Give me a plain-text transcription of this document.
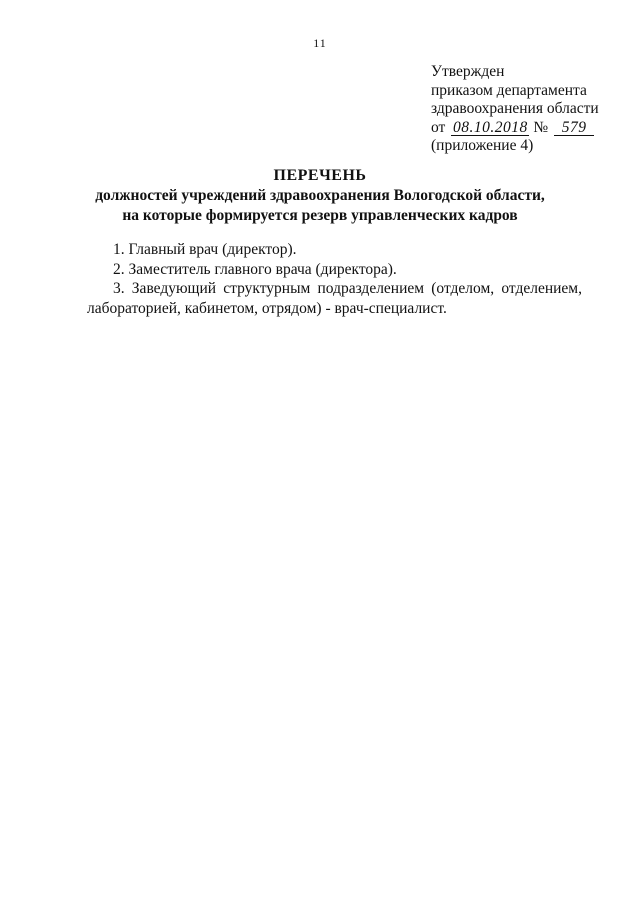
11
Утвержден
приказом департамента
здравоохранения области
от 08.10.2018 № 579
(приложение 4)
ПЕРЕЧЕНЬ
должностей учреждений здравоохранения Вологодской области,
на которые формируется резерв управленческих кадров
1. Главный врач (директор).
2. Заместитель главного врача (директора).
3. Заведующий структурным подразделением (отделом, отделением, лабораторией, кабинетом, отрядом) - врач-специалист.
